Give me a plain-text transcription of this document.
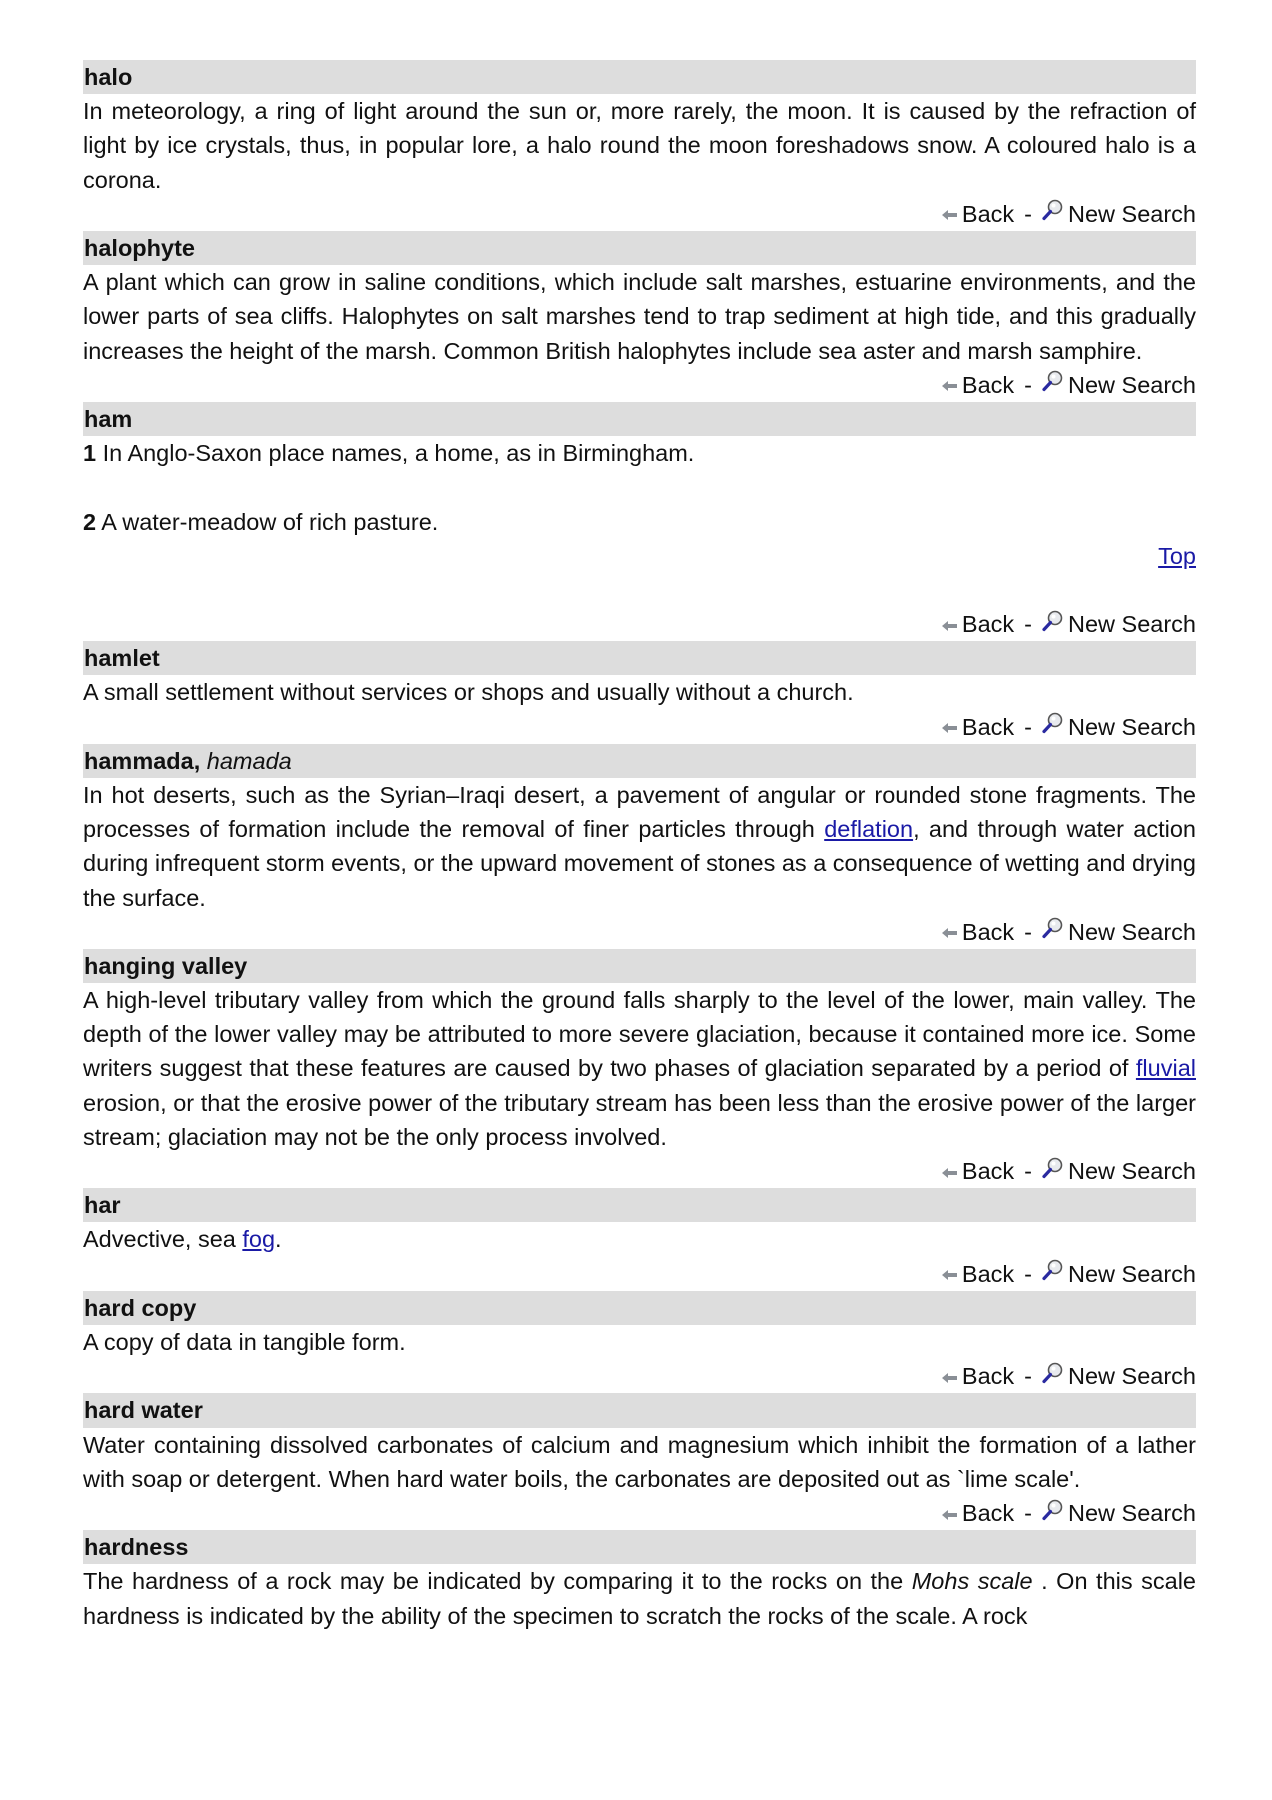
halo

In meteorology, a ring of light around the sun or, more rarely, the moon. It is caused by the refraction of light by ice crystals, thus, in popular lore, a halo round the moon foreshadows snow. A coloured halo is a corona.

Back - New Search
halophyte

A plant which can grow in saline conditions, which include salt marshes, estuarine environments, and the lower parts of sea cliffs. Halophytes on salt marshes tend to trap sediment at high tide, and this gradually increases the height of the marsh. Common British halophytes include sea aster and marsh samphire.

Back - New Search
ham

1 In Anglo-Saxon place names, a home, as in Birmingham.

2 A water-meadow of rich pasture.

Top
Back - New Search
hamlet

A small settlement without services or shops and usually without a church.

Back - New Search
hammada, hamada

In hot deserts, such as the Syrian–Iraqi desert, a pavement of angular or rounded stone fragments. The processes of formation include the removal of finer particles through deflation, and through water action during infrequent storm events, or the upward movement of stones as a consequence of wetting and drying the surface.

Back - New Search
hanging valley

A high-level tributary valley from which the ground falls sharply to the level of the lower, main valley. The depth of the lower valley may be attributed to more severe glaciation, because it contained more ice. Some writers suggest that these features are caused by two phases of glaciation separated by a period of fluvial erosion, or that the erosive power of the tributary stream has been less than the erosive power of the larger stream; glaciation may not be the only process involved.

Back - New Search
har

Advective, sea fog.

Back - New Search
hard copy

A copy of data in tangible form.

Back - New Search
hard water

Water containing dissolved carbonates of calcium and magnesium which inhibit the formation of a lather with soap or detergent. When hard water boils, the carbonates are deposited out as `lime scale'.

Back - New Search
hardness

The hardness of a rock may be indicated by comparing it to the rocks on the Mohs scale . On this scale hardness is indicated by the ability of the specimen to scratch the rocks of the scale. A rock
